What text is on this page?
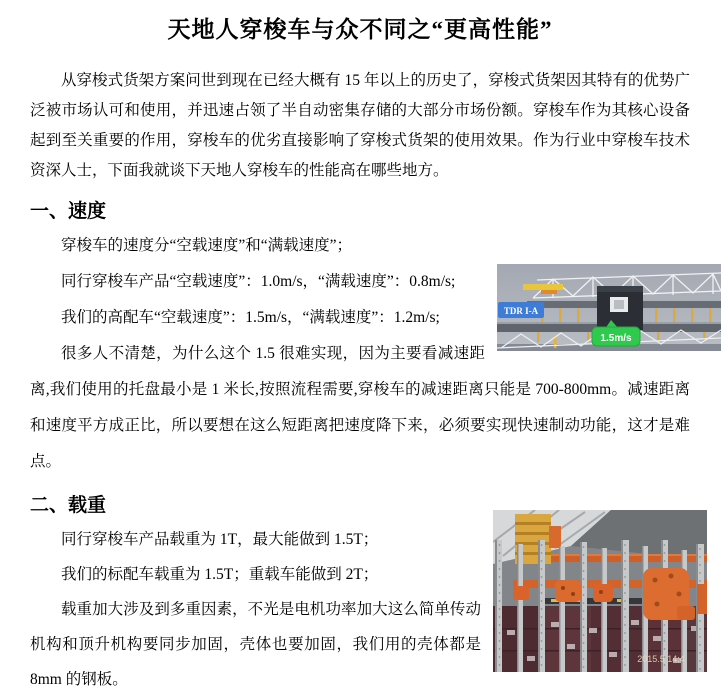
天地人穿梭车与众不同之“更高性能”

从穿梭式货架方案问世到现在已经大概有 15 年以上的历史了，穿梭式货架因其特有的优势广泛被市场认可和使用，并迅速占领了半自动密集存储的大部分市场份额。穿梭车作为其核心设备起到至关重要的作用，穿梭车的优劣直接影响了穿梭式货架的使用效果。作为行业中穿梭车技术资深人士，下面我就谈下天地人穿梭车的性能高在哪些地方。

一、速度
1.5m/s
TDR I-A

穿梭车的速度分“空载速度”和“满载速度”；

同行穿梭车产品“空载速度”：1.0m/s，“满载速度”：0.8m/s;

我们的高配车“空载速度”：1.5m/s，“满载速度”：1.2m/s;

很多人不清楚，为什么这个 1.5 很难实现，因为主要看减速距离,我们使用的托盘最小是 1 米长,按照流程需要,穿梭车的减速距离只能是 700-800mm。减速距离和速度平方成正比，所以要想在这么短距离把速度降下来，必须要实现快速制动功能，这才是难点。

二、载重
2015.5 14:4

同行穿梭车产品载重为 1T，最大能做到 1.5T；

我们的标配车载重为 1.5T；重载车能做到 2T；

载重加大涉及到多重因素，不光是电机功率加大这么简单传动机构和顶升机构要同步加固，壳体也要加固，我们用的壳体都是 8mm 的钢板。
